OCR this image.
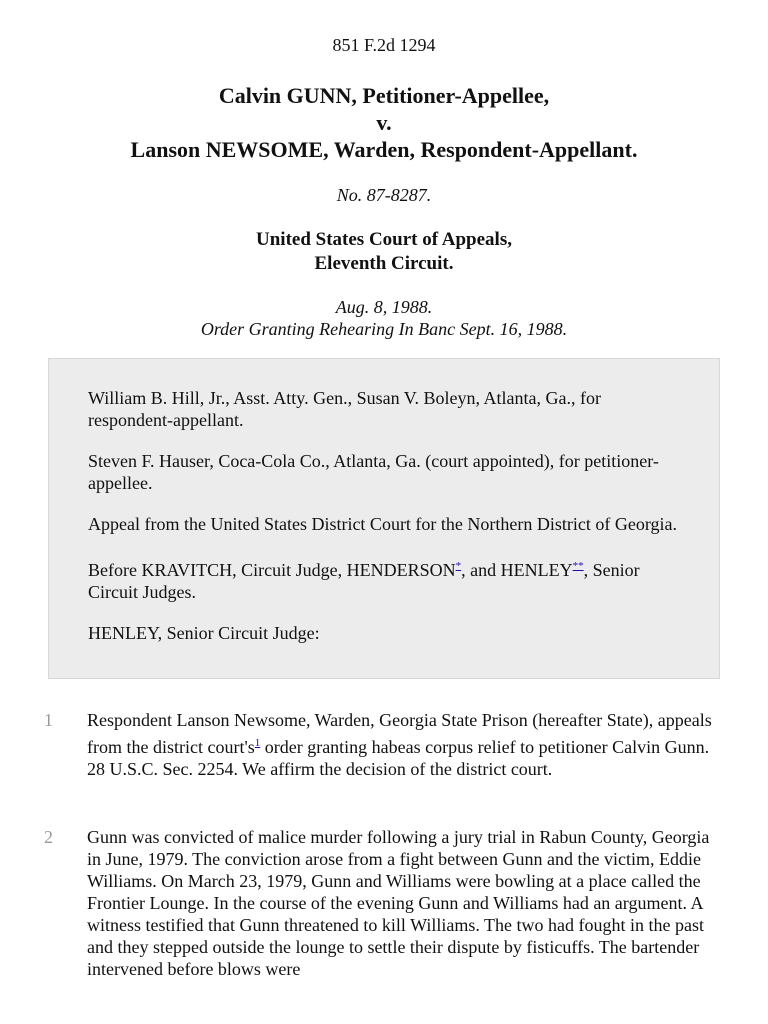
851 F.2d 1294
Calvin GUNN, Petitioner-Appellee,
v.
Lanson NEWSOME, Warden, Respondent-Appellant.
No. 87-8287.
United States Court of Appeals,
Eleventh Circuit.
Aug. 8, 1988.
Order Granting Rehearing In Banc Sept. 16, 1988.

William B. Hill, Jr., Asst. Atty. Gen., Susan V. Boleyn, Atlanta, Ga., for respondent-appellant.

Steven F. Hauser, Coca-Cola Co., Atlanta, Ga. (court appointed), for petitioner-appellee.

Appeal from the United States District Court for the Northern District of Georgia.

Before KRAVITCH, Circuit Judge, HENDERSON*, and HENLEY**, Senior Circuit Judges.

HENLEY, Senior Circuit Judge:

1 Respondent Lanson Newsome, Warden, Georgia State Prison (hereafter State), appeals from the district court's$^1$ order granting habeas corpus relief to petitioner Calvin Gunn. 28 U.S.C. Sec. 2254. We affirm the decision of the district court.
2 Gunn was convicted of malice murder following a jury trial in Rabun County, Georgia in June, 1979. The conviction arose from a fight between Gunn and the victim, Eddie Williams. On March 23, 1979, Gunn and Williams were bowling at a place called the Frontier Lounge. In the course of the evening Gunn and Williams had an argument. A witness testified that Gunn threatened to kill Williams. The two had fought in the past and they stepped outside the lounge to settle their dispute by fisticuffs. The bartender intervened before blows were
